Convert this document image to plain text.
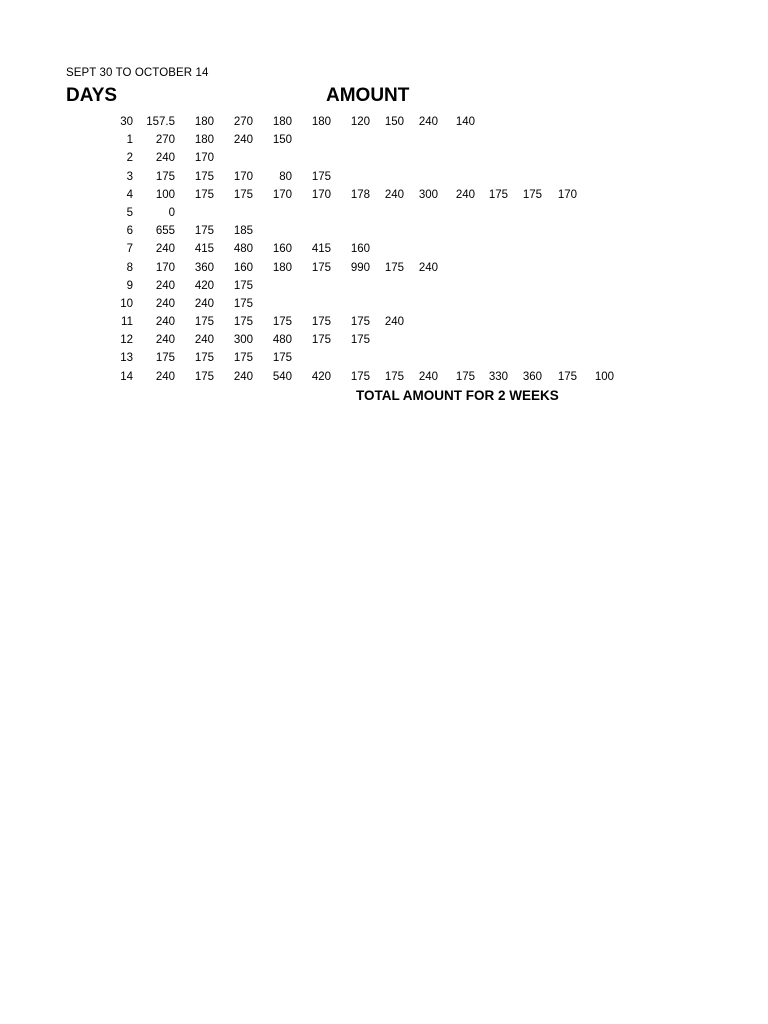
SEPT 30 TO OCTOBER 14
DAYS	AMOUNT
30	157.5	180	270	180	180	120	150	240	140
1	270	180	240	150
2	240	170
3	175	175	170	80	175
4	100	175	175	170	170	178	240	300	240	175	175	170
5	0
6	655	175	185
7	240	415	480	160	415	160
8	170	360	160	180	175	990	175	240
9	240	420	175
10	240	240	175
11	240	175	175	175	175	175	240
12	240	240	300	480	175	175
13	175	175	175	175
14	240	175	240	540	420	175	175	240	175	330	360	175	100
TOTAL AMOUNT FOR 2 WEEKS
